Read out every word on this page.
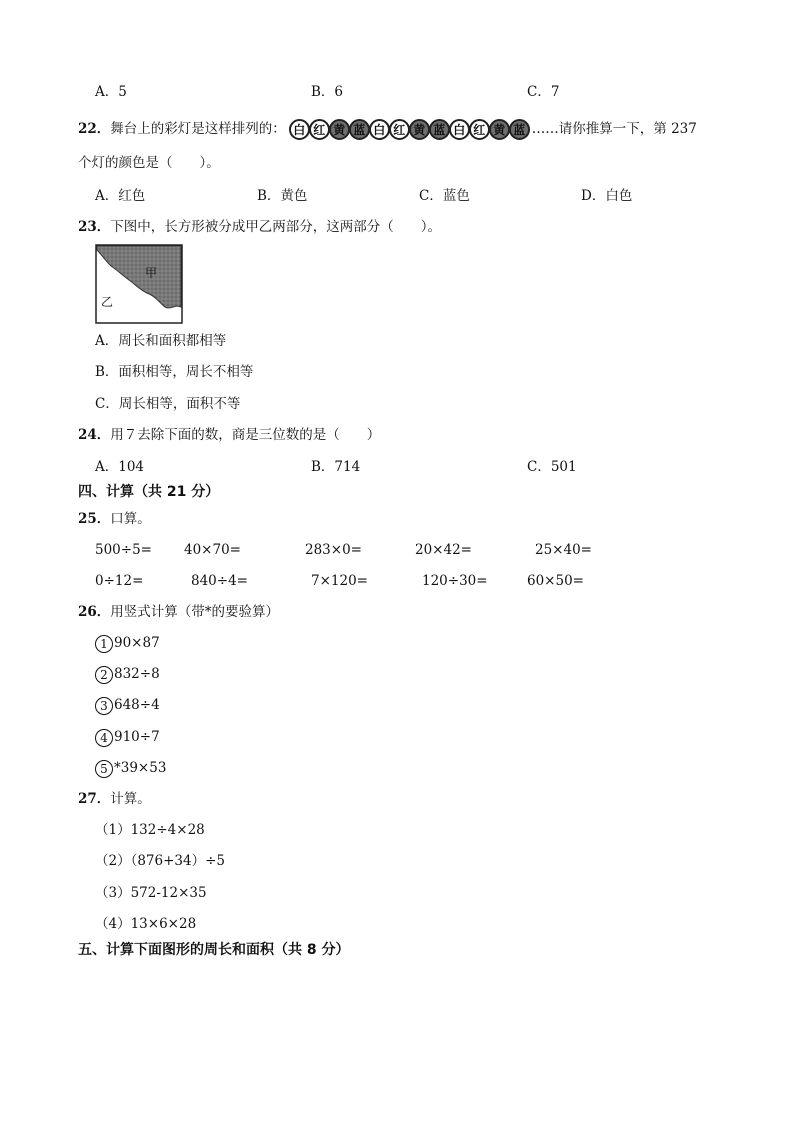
A．5	B．6	C．7
22．舞台上的彩灯是这样排列的： 白 红 黄 蓝 白 红 黄 蓝 白 红 黄 蓝 ……请你推算一下，第 237
个灯的颜色是（　　）。
A．红色	B．黄色	C．蓝色	D．白色
23．下图中，长方形被分成甲乙两部分，这两部分（　　）。
甲
乙
A．周长和面积都相等
B．面积相等，周长不相等
C．周长相等，面积不等
24．用７去除下面的数，商是三位数的是（　　）
A．104	B．714	C．501
四、计算（共 21 分）
25．口算。
500÷5= 40×70=	283×0=	20×42=	25×40=
0÷12=	840÷4=	7×120=	120÷30=	60×50=
26．用竖式计算（带*的要验算）
1 90×87
2 832÷8
3 648÷4
4 910÷7
5 *39×53
27．计算。
（1）132÷4×28
（2）（876+34）÷5
（3）572-12×35
（4）13×6×28
五、计算下面图形的周长和面积（共 8 分）
